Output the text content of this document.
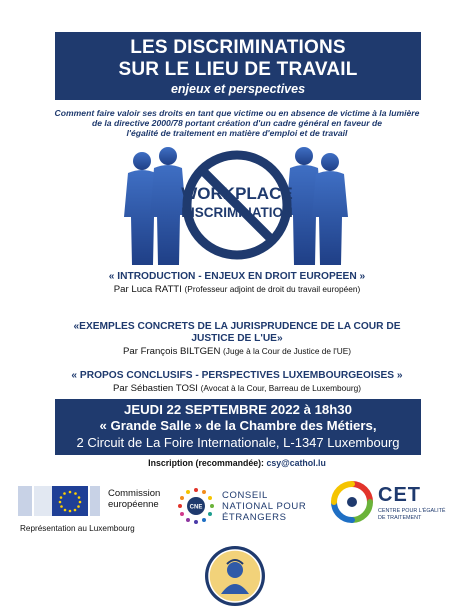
LES DISCRIMINATIONS
SUR LE LIEU DE TRAVAIL
enjeux et perspectives
Comment faire valoir ses droits en tant que victime ou en absence de victime à la lumière
de la directive 2000/78 portant création d'un cadre général en faveur de
l'égalité de traitement en matière d'emploi et de travail
WORKPLACE
DISCRIMINATION
« INTRODUCTION - ENJEUX EN DROIT EUROPEEN »
Par Luca RATTI (Professeur adjoint de droit du travail européen)
«EXEMPLES CONCRETS DE LA JURISPRUDENCE DE LA COUR DE
JUSTICE DE L'UE»
Par François BILTGEN (Juge à la Cour de Justice de l'UE)
« PROPOS CONCLUSIFS - PERSPECTIVES LUXEMBOURGEOISES »
Par Sébastien TOSI (Avocat à la Cour, Barreau de Luxembourg)
JEUDI 22 SEPTEMBRE 2022 à 18h30
« Grande Salle » de la Chambre des Métiers,
2 Circuit de La Foire Internationale, L-1347 Luxembourg
Inscription (recommandée): csy@cathol.lu
Commission
européenne
Représentation au Luxembourg
CNE
CONSEIL
NATIONAL POUR
ÉTRANGERS
CET
CENTRE POUR L'ÉGALITÉ
DE TRAITEMENT
